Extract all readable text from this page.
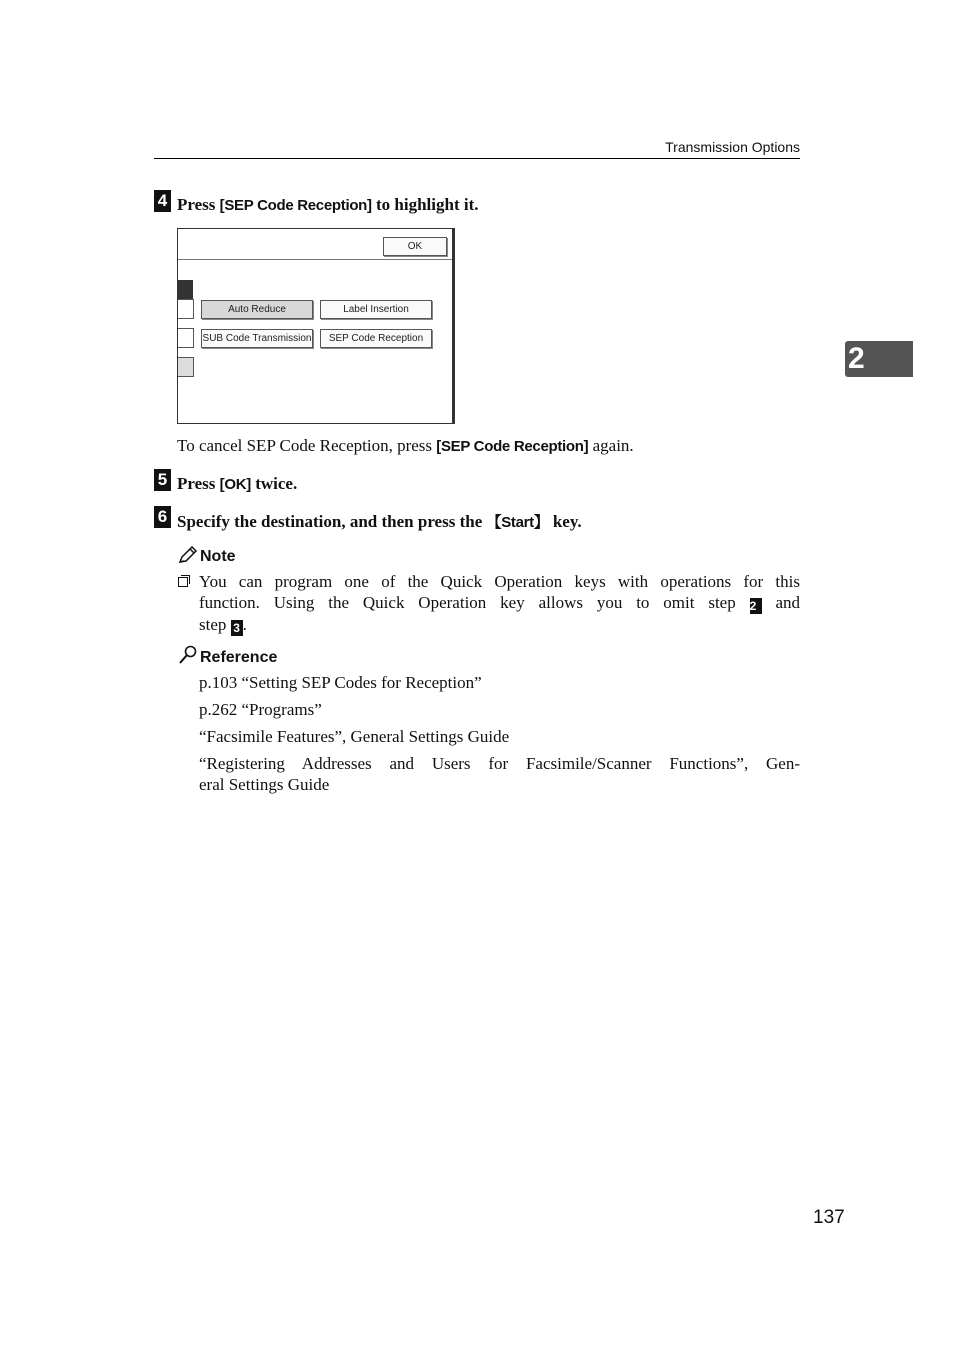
Transmission Options
2
4 Press [SEP Code Reception] to highlight it.
OK
Auto Reduce	Label Insertion
SUB Code Transmission	SEP Code Reception
To cancel SEP Code Reception, press [SEP Code Reception] again.
5 Press [OK] twice.
6 Specify the destination, and then press the 【Start】 key.
Note
You can program one of the Quick Operation keys with operations for this
function. Using the Quick Operation key allows you to omit step 2 and
step 3 .
Reference
p.103 “Setting SEP Codes for Reception”
p.262 “Programs”
“Facsimile Features”, General Settings Guide
“Registering Addresses and Users for Facsimile/Scanner Functions”, Gen-
eral Settings Guide
137
